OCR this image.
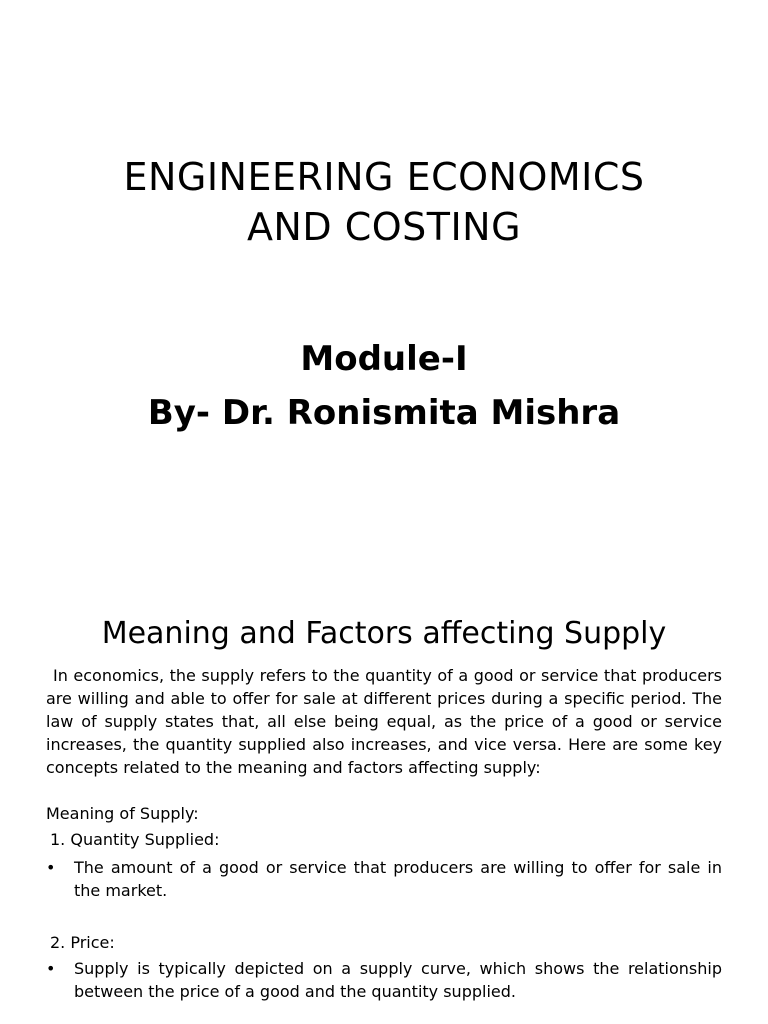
ENGINEERING ECONOMICS
AND COSTING
Module-I
By- Dr. Ronismita Mishra
Meaning and Factors affecting Supply

In economics, the supply refers to the quantity of a good or service that producers are willing and able to offer for sale at different prices during a specific period. The law of supply states that, all else being equal, as the price of a good or service increases, the quantity supplied also increases, and vice versa. Here are some key concepts related to the meaning and factors affecting supply:

Meaning of Supply:
1. Quantity Supplied:
• The amount of a good or service that producers are willing to offer for sale in the market.
2. Price:
• Supply is typically depicted on a supply curve, which shows the relationship between the price of a good and the quantity supplied.
